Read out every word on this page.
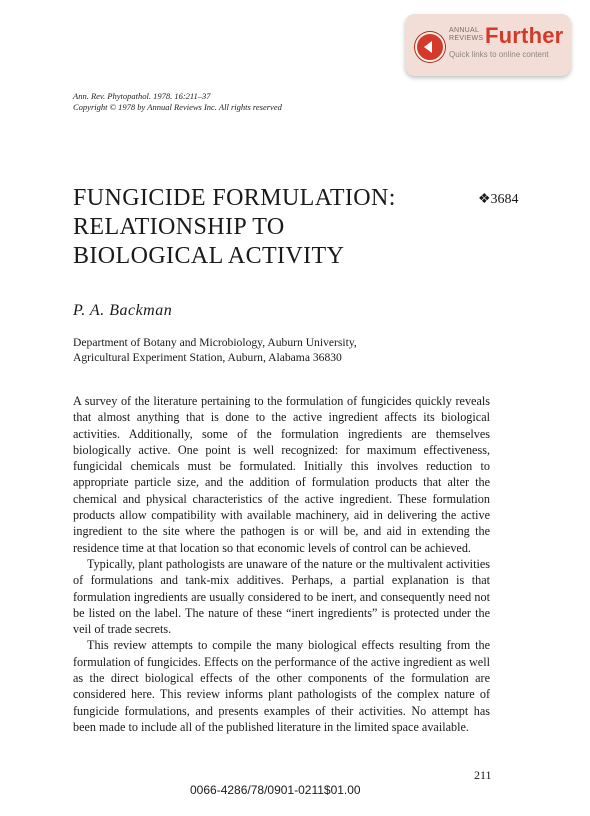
ANNUAL
REVIEWS Further
Quick links to online content
Ann. Rev. Phytopathol. 1978. 16:211–37
Copyright © 1978 by Annual Reviews Inc. All rights reserved
FUNGICIDE FORMULATION:
RELATIONSHIP TO
BIOLOGICAL ACTIVITY
❖3684
P. A. Backman
Department of Botany and Microbiology, Auburn University,
Agricultural Experiment Station, Auburn, Alabama 36830

A survey of the literature pertaining to the formulation of fungicides quickly reveals that almost anything that is done to the active ingredient affects its biological activities. Additionally, some of the formulation ingredients are themselves biologically active. One point is well recognized: for maximum effectiveness, fungicidal chemicals must be formulated. Initially this involves reduction to appropriate particle size, and the addition of formulation products that alter the chemical and physical characteristics of the active ingredient. These formulation products allow compatibility with available machinery, aid in delivering the active ingredient to the site where the pathogen is or will be, and aid in extending the residence time at that location so that economic levels of control can be achieved.

Typically, plant pathologists are unaware of the nature or the multivalent activities of formulations and tank-mix additives. Perhaps, a partial explanation is that formulation ingredients are usually considered to be inert, and consequently need not be listed on the label. The nature of these “inert ingredients” is protected under the veil of trade secrets.

This review attempts to compile the many biological effects resulting from the formulation of fungicides. Effects on the performance of the active ingredient as well as the direct biological effects of the other components of the formulation are considered here. This review informs plant pathologists of the complex nature of fungicide formulations, and presents examples of their activities. No attempt has been made to include all of the published literature in the limited space available.

211
0066-4286/78/0901-0211$01.00
